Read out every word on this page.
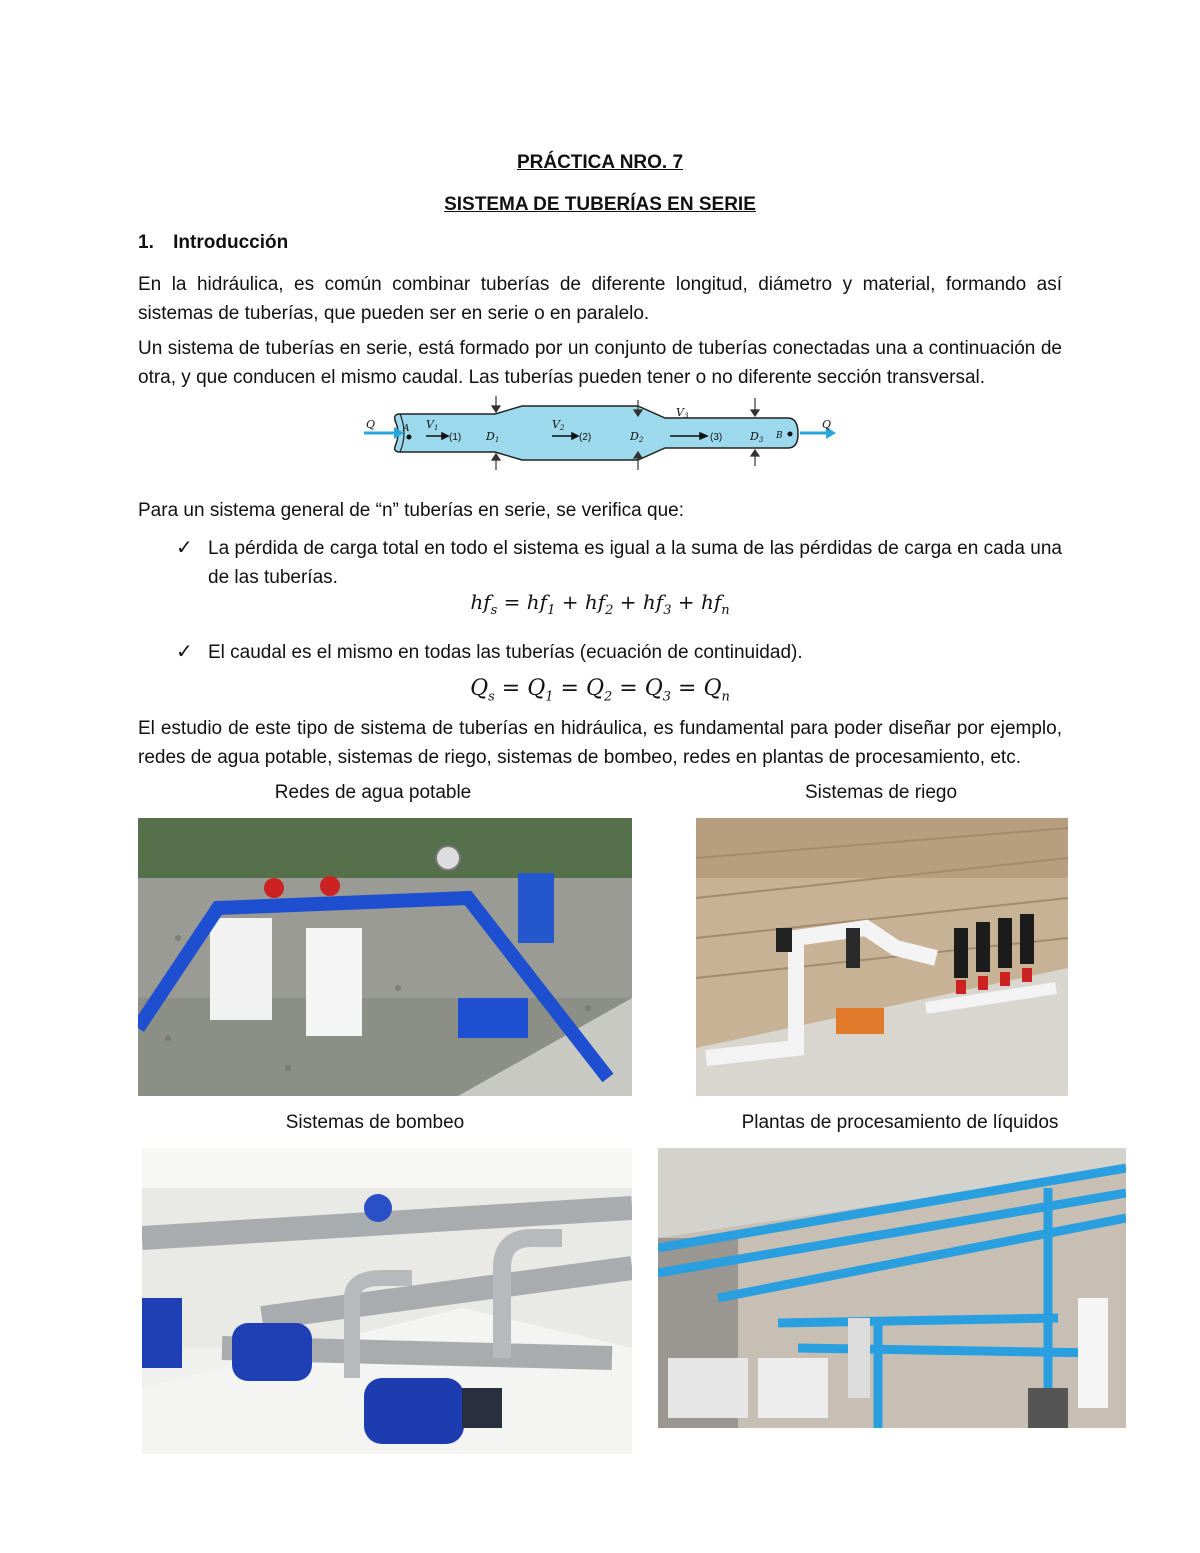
PRÁCTICA NRO. 7
SISTEMA DE TUBERÍAS EN SERIE
1. Introducción
En la hidráulica, es común combinar tuberías de diferente longitud, diámetro y material, formando así sistemas de tuberías, que pueden ser en serie o en paralelo.
Un sistema de tuberías en serie, está formado por un conjunto de tuberías conectadas una a continuación de otra, y que conducen el mismo caudal. Las tuberías pueden tener o no diferente sección transversal.
Q	Q
A
B
V1	V2
V3
D1	D2	D3
(1)	(2)	(3)
Para un sistema general de “n” tuberías en serie, se verifica que:
✓ La pérdida de carga total en todo el sistema es igual a la suma de las pérdidas de carga en cada una de las tuberías.
$hf_s = hf_1 + hf_2 + hf_3 + hf_n$
✓ El caudal es el mismo en todas las tuberías (ecuación de continuidad).
$Q_s = Q_1 = Q_2 = Q_3 = Q_n$
El estudio de este tipo de sistema de tuberías en hidráulica, es fundamental para poder diseñar por ejemplo, redes de agua potable, sistemas de riego, sistemas de bombeo, redes en plantas de procesamiento, etc.
Redes de agua potable	Sistemas de riego
Sistemas de bombeo	Plantas de procesamiento de líquidos
